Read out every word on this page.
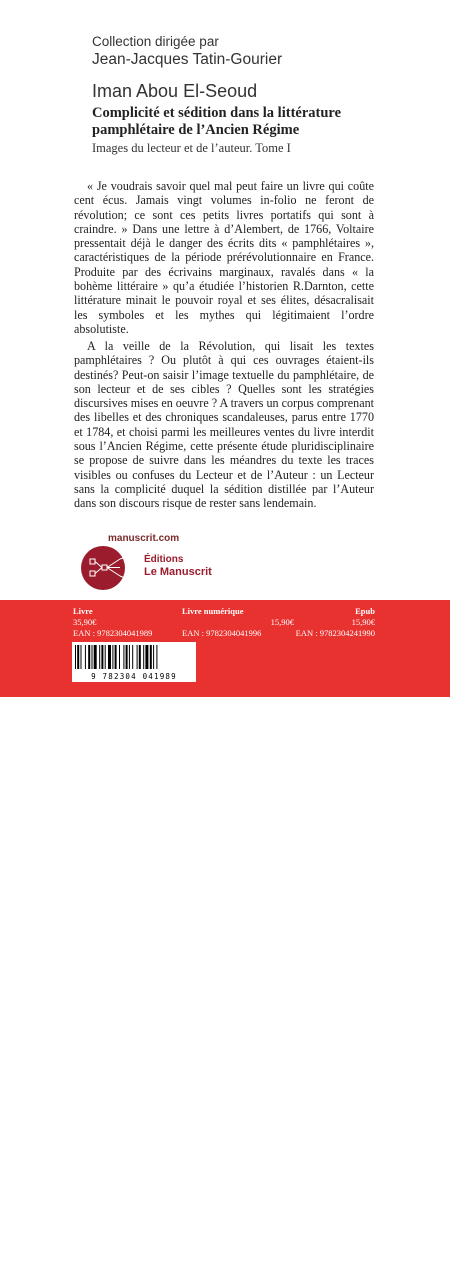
Collection dirigée par
Jean-Jacques Tatin-Gourier
Iman Abou El-Seoud
Complicité et sédition dans la littérature
pamphlétaire de l’Ancien Régime
Images du lecteur et de l’auteur. Tome I

« Je voudrais savoir quel mal peut faire un livre qui coûte cent écus. Jamais vingt volumes in-folio ne feront de révolution; ce sont ces petits livres portatifs qui sont à craindre. » Dans une lettre à d’Alembert, de 1766, Voltaire pressentait déjà le danger des écrits dits « pamphlétaires », caractéristiques de la période prérévolutionnaire en France. Produite par des écrivains marginaux, ravalés dans « la bohème littéraire » qu’a étudiée l’historien R.Darnton, cette littérature minait le pouvoir royal et ses élites, désacralisait les symboles et les mythes qui légitimaient l’ordre absolutiste.

A la veille de la Révolution, qui lisait les textes pamphlétaires ? Ou plutôt à qui ces ouvrages étaient-ils destinés? Peut-on saisir l’image textuelle du pamphlétaire, de son lecteur et de ses cibles ? Quelles sont les stratégies discursives mises en oeuvre ? A travers un corpus comprenant des libelles et des chroniques scandaleuses, parus entre 1770 et 1784, et choisi parmi les meilleures ventes du livre interdit sous l’Ancien Régime, cette présente étude pluridisciplinaire se propose de suivre dans les méandres du texte les traces visibles ou confuses du Lecteur et de l’Auteur : un Lecteur sans la complicité duquel la sédition distillée par l’Auteur dans son discours risque de rester sans lendemain.

manuscrit.com
Éditions
Le Manuscrit
Livre
35,90€
EAN : 9782304041989
Livre numérique
15,90€
EAN : 9782304041996
Epub
15,90€
EAN : 9782304241990
Livre disponible sur manuscrit.com,
en librairie et sur les librairies en ligne
9 782304 041989
